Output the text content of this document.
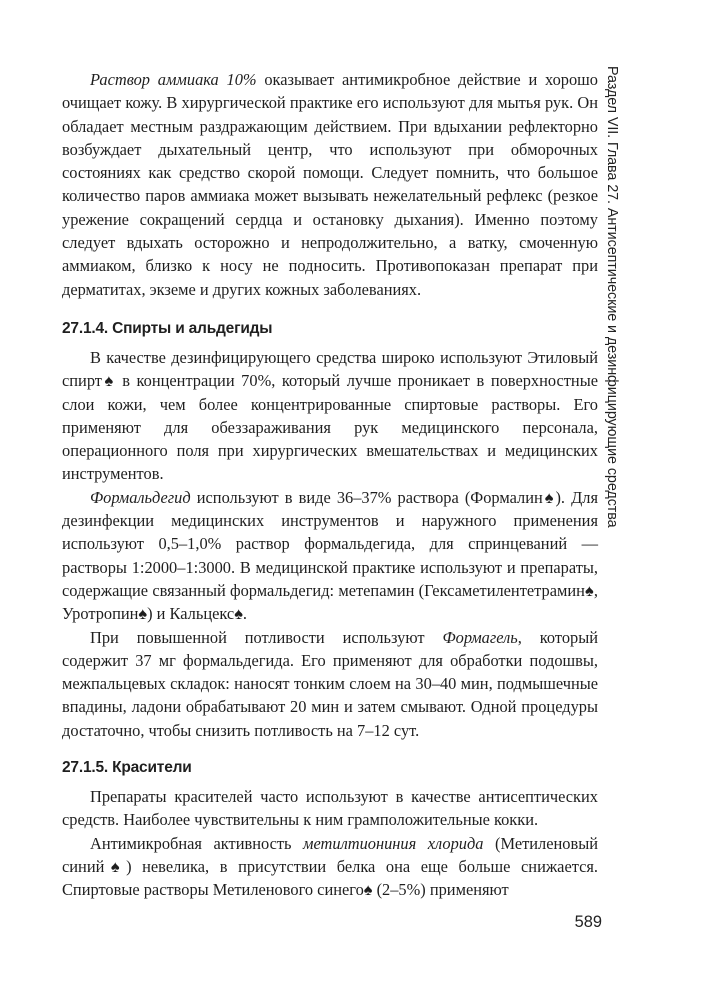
Раствор аммиака 10% оказывает антимикробное действие и хорошо очищает кожу. В хирургической практике его используют для мытья рук. Он обладает местным раздражающим действием. При вдыхании рефлекторно возбуждает дыхательный центр, что используют при обморочных состояниях как средство скорой помощи. Следует помнить, что большое количество паров аммиака может вызывать нежелательный рефлекс (резкое урежение сокращений сердца и остановку дыхания). Именно поэтому следует вдыхать осторожно и непродолжительно, а ватку, смоченную аммиаком, близко к носу не подносить. Противопоказан препарат при дерматитах, экземе и других кожных заболеваниях.

27.1.4. Спирты и альдегиды

В качестве дезинфицирующего средства широко используют Этиловый спирт♠ в концентрации 70%, который лучше проникает в поверхностные слои кожи, чем более концентрированные спиртовые растворы. Его применяют для обеззараживания рук медицинского персонала, операционного поля при хирургических вмешательствах и медицинских инструментов.

Формальдегид используют в виде 36–37% раствора (Формалин♠). Для дезинфекции медицинских инструментов и наружного применения используют 0,5–1,0% раствор формальдегида, для спринцеваний — растворы 1:2000–1:3000. В медицинской практике используют и препараты, содержащие связанный формальдегид: метепамин (Гексаметилентетрамин♠, Уротропин♠) и Кальцекс♠.

При повышенной потливости используют Формагель, который содержит 37 мг формальдегида. Его применяют для обработки подошвы, межпальцевых складок: наносят тонким слоем на 30–40 мин, подмышечные впадины, ладони обрабатывают 20 мин и затем смывают. Одной процедуры достаточно, чтобы снизить потливость на 7–12 сут.

27.1.5. Красители

Препараты красителей часто используют в качестве антисептических средств. Наиболее чувствительны к ним грамположительные кокки.

Антимикробная активность метилтиониния хлорида (Метиленовый синий♠) невелика, в присутствии белка она еще больше снижается. Спиртовые растворы Метиленового синего♠ (2–5%) применяют

Раздел VII. Глава 27. Антисептические и дезинфицирующие средства
589
